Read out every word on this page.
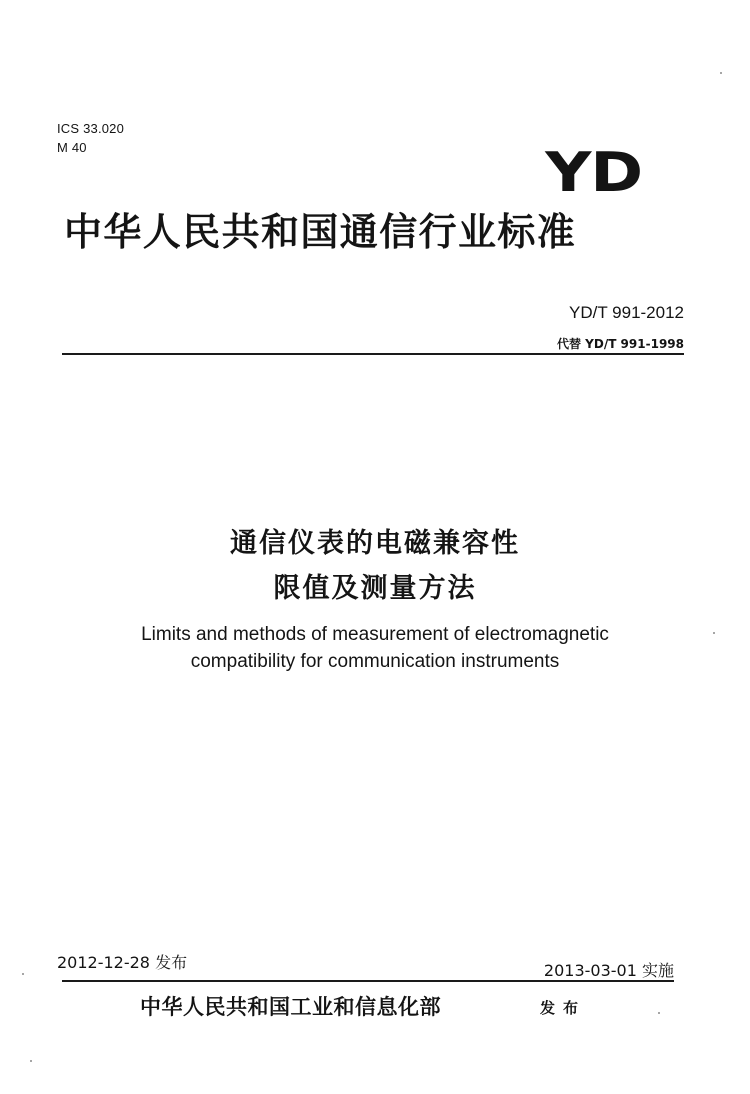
ICS 33.020
M 40	YD
中华人民共和国通信行业标准
YD/T 991-2012
代替 YD/T 991-1998
通信仪表的电磁兼容性
限值及测量方法
Limits and methods of measurement of electromagnetic
compatibility for communication instruments
2012-12-28 发布	2013-03-01 实施
中华人民共和国工业和信息化部	发布
